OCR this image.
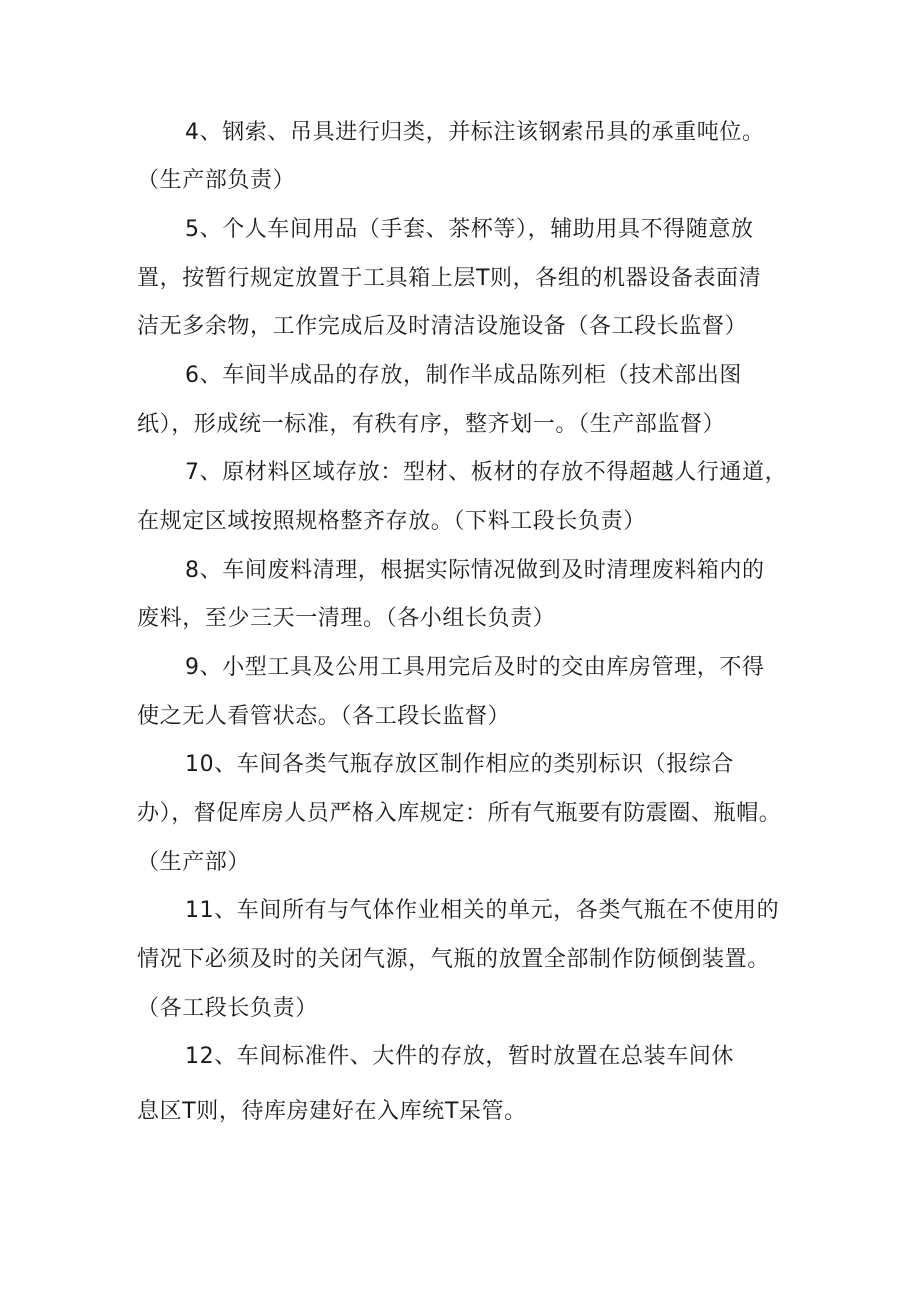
4、钢索、吊具进行归类，并标注该钢索吊具的承重吨位。
（生产部负责）
5、个人车间用品（手套、茶杯等），辅助用具不得随意放
置，按暂行规定放置于工具箱上层T则，各组的机器设备表面清
洁无多余物，工作完成后及时清洁设施设备（各工段长监督）
6、车间半成品的存放，制作半成品陈列柜（技术部出图
纸），形成统一标准，有秩有序，整齐划一。（生产部监督）
7、原材料区域存放：型材、板材的存放不得超越人行通道，
在规定区域按照规格整齐存放。（下料工段长负责）
8、车间废料清理，根据实际情况做到及时清理废料箱内的
废料，至少三天一清理。（各小组长负责）
9、小型工具及公用工具用完后及时的交由库房管理，不得
使之无人看管状态。（各工段长监督）
10、车间各类气瓶存放区制作相应的类别标识（报综合
办），督促库房人员严格入库规定：所有气瓶要有防震圈、瓶帽。
（生产部）
11、车间所有与气体作业相关的单元，各类气瓶在不使用的
情况下必须及时的关闭气源，气瓶的放置全部制作防倾倒装置。
（各工段长负责）
12、车间标准件、大件的存放，暂时放置在总装车间休
息区T则，待库房建好在入库统T呆管。
